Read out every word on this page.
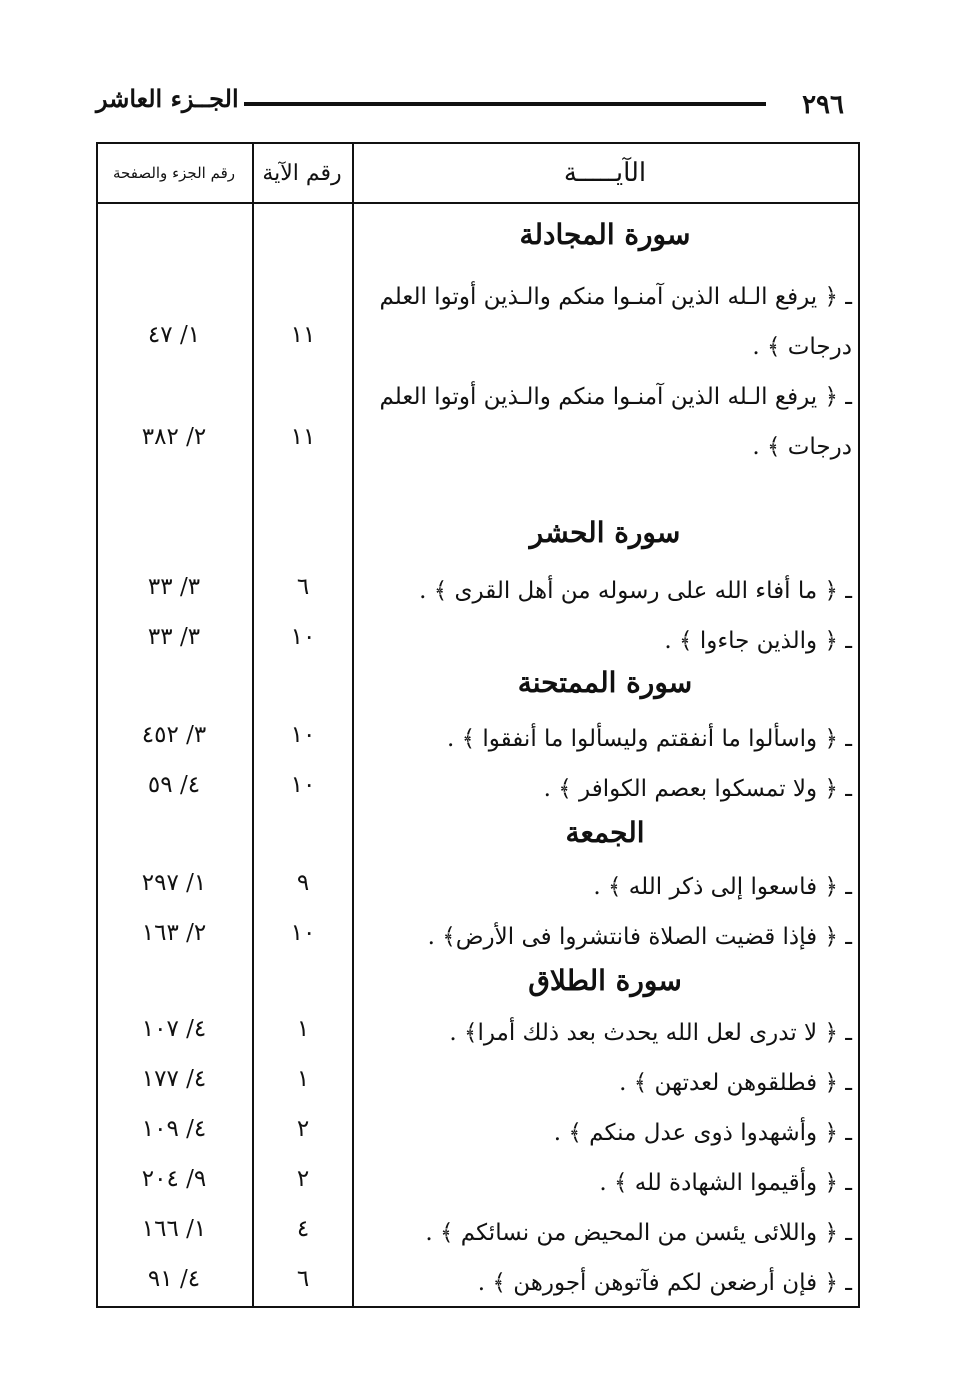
٢٩٦
الجــزء العاشر
الآيـــــة
رقم الآية
رقم الجزء والصفحة
سورة المجادلة
ـ ﴿ يرفع الـله الذين آمنـوا منكم والـذين أوتوا العلم درجات ﴾ .
١١
١/ ٤٧
ـ ﴿ يرفع الـله الذين آمنـوا منكم والـذين أوتوا العلم درجات ﴾ .
١١
٢/ ٣٨٢
سورة الحشر
ـ ﴿ ما أفاء الله على رسوله من أهل القرى ﴾ .
٦
٣/ ٣٣
ـ ﴿ والذين جاءوا ﴾ .
١٠
٣/ ٣٣
سورة الممتحنة
ـ ﴿ واسألوا ما أنفقتم وليسألوا ما أنفقوا ﴾ .
١٠
٣/ ٤٥٢
ـ ﴿ ولا تمسكوا بعصم الكوافر ﴾ .
١٠
٤/ ٥٩
الجمعة
ـ ﴿ فاسعوا إلى ذكر الله ﴾ .
٩
١/ ٢٩٧
ـ ﴿ فإذا قضيت الصلاة فانتشروا فى الأرض﴾ .
١٠
٢/ ١٦٣
سورة الطلاق
ـ ﴿ لا تدرى لعل الله يحدث بعد ذلك أمرا﴾ .
١
٤/ ١٠٧
ـ ﴿ فطلقوهن لعدتهن ﴾ .
١
٤/ ١٧٧
ـ ﴿ وأشهدوا ذوى عدل منكم ﴾ .
٢
٤/ ١٠٩
ـ ﴿ وأقيموا الشهادة لله ﴾ .
٢
٩/ ٢٠٤
ـ ﴿ واللائى يئسن من المحيض من نسائكم ﴾ .
٤
١/ ١٦٦
ـ ﴿ فإن أرضعن لكم فآتوهن أجورهن ﴾ .
٦
٤/ ٩١
